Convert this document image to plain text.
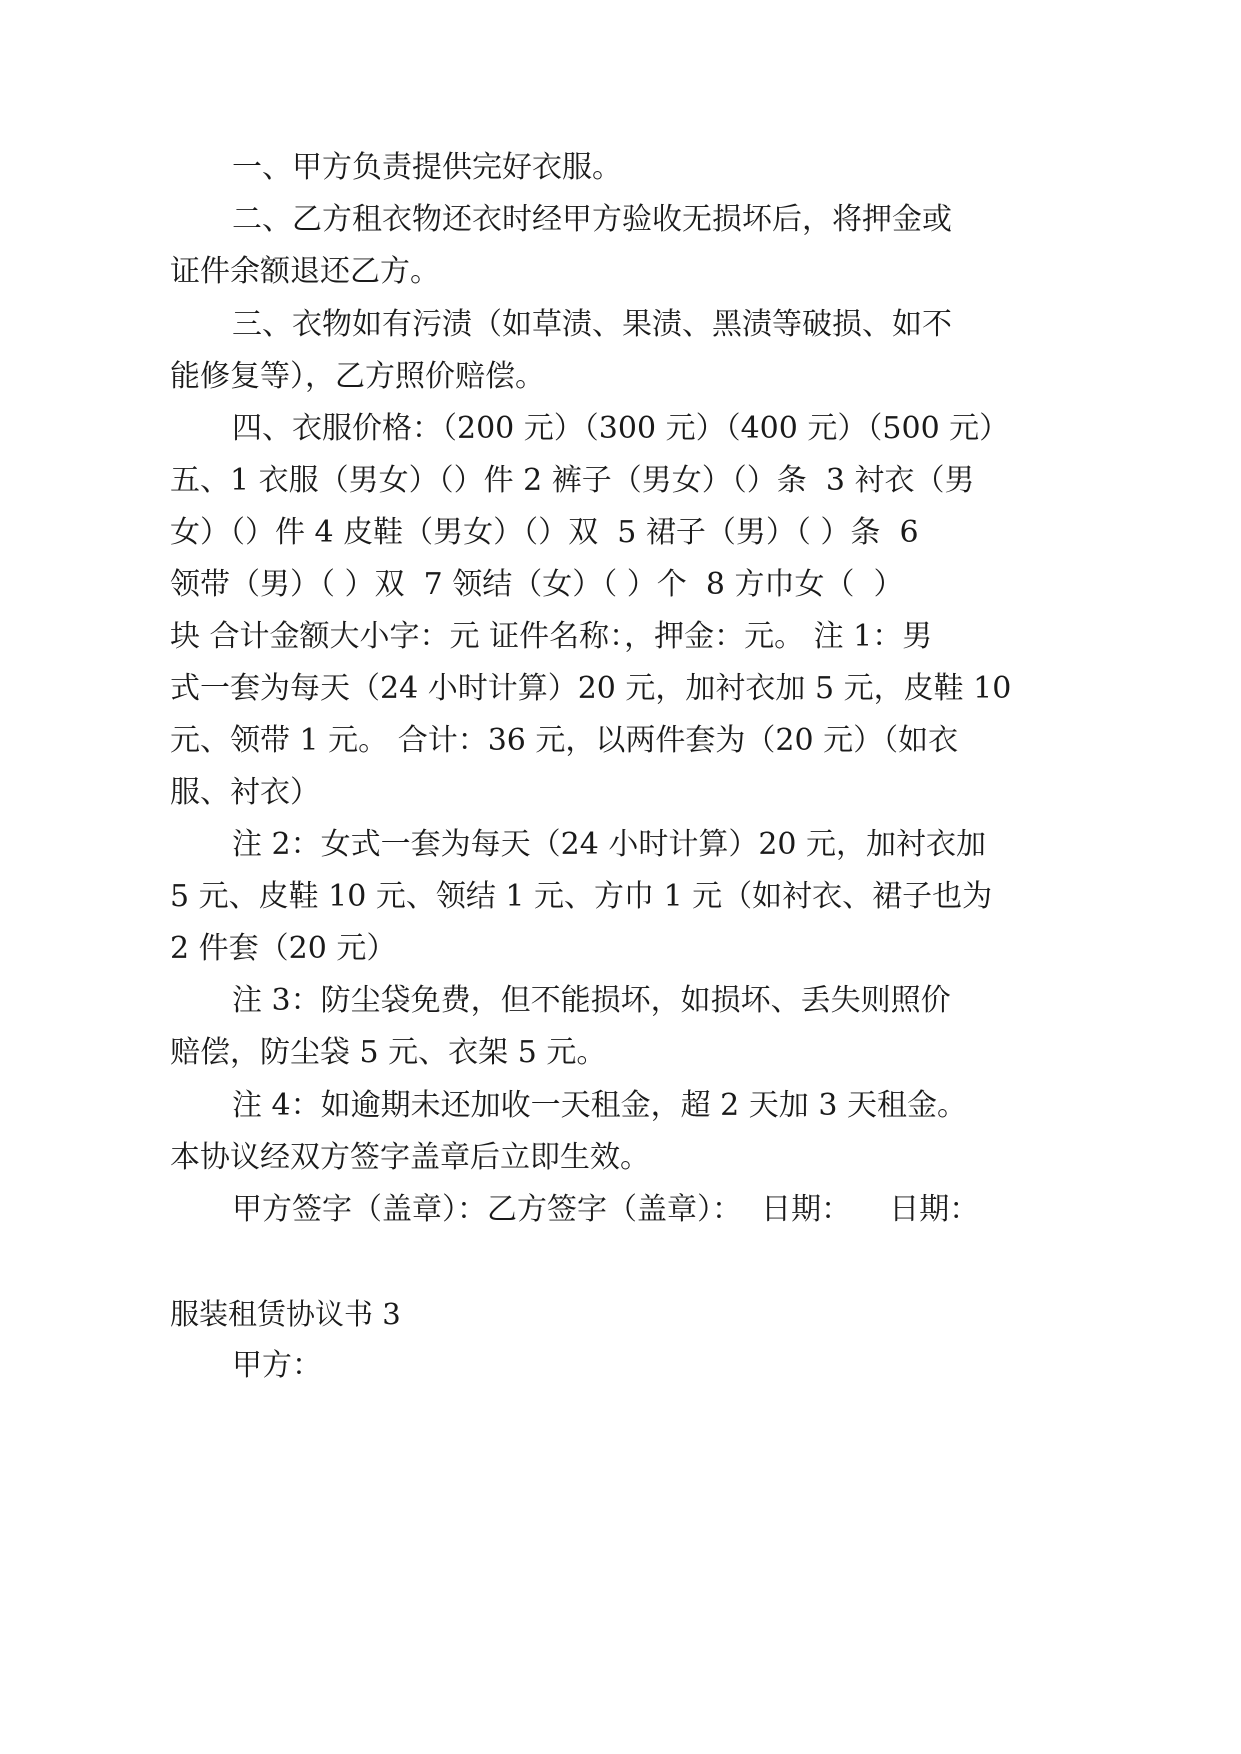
一、甲方负责提供完好衣服。

二、乙方租衣物还衣时经甲方验收无损坏后，将押金或

证件余额退还乙方。

三、衣物如有污渍（如草渍、果渍、黑渍等破损、如不

能修复等），乙方照价赔偿。

四、衣服价格：（200 元）（300 元）（400 元）（500 元）

五、1 衣服（男女）（）件 2 裤子（男女）（）条  3 衬衣（男

女）（）件 4 皮鞋（男女）（）双  5 裙子（男）（ ）条  6

领带（男）（ ）双  7 领结（女）（ ）个  8 方巾女（  ）

块 合计金额大小字：元 证件名称：，押金：元。 注 1：男

式一套为每天（24 小时计算）20 元，加衬衣加 5 元，皮鞋 10

元、领带 1 元。 合计：36 元，以两件套为（20 元）（如衣

服、衬衣）

注 2：女式一套为每天（24 小时计算）20 元，加衬衣加

5 元、皮鞋 10 元、领结 1 元、方巾 1 元（如衬衣、裙子也为

2 件套（20 元）

注 3：防尘袋免费，但不能损坏，如损坏、丢失则照价

赔偿，防尘袋 5 元、衣架 5 元。

注 4：如逾期未还加收一天租金，超 2 天加 3 天租金。

本协议经双方签字盖章后立即生效。

甲方签字（盖章）：乙方签字（盖章）：  日期：    日期：

服装租赁协议书 3

甲方：
